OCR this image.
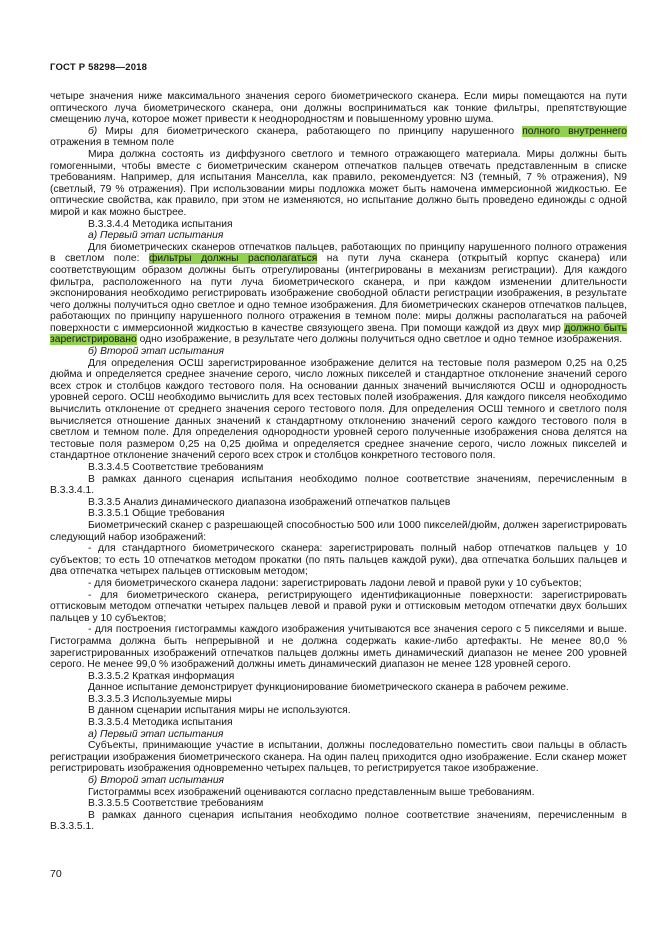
ГОСТ Р 58298—2018

четыре значения ниже максимального значения серого биометрического сканера. Если миры помещаются на пути оптического луча биометрического сканера, они должны восприниматься как тонкие фильтры, препятствующие смещению луча, которое может привести к неоднородностям и повышенному уровню шума.

б) Миры для биометрического сканера, работающего по принципу нарушенного полного внутреннего отражения в темном поле

Мира должна состоять из диффузного светлого и темного отражающего материала. Миры должны быть гомогенными, чтобы вместе с биометрическим сканером отпечатков пальцев отвечать представленным в списке требованиям. Например, для испытания Манселла, как правило, рекомендуется: N3 (темный, 7 % отражения), N9 (светлый, 79 % отражения). При использовании миры подложка может быть намочена иммерсионной жидкостью. Ее оптические свойства, как правило, при этом не изменяются, но испытание должно быть проведено единожды с одной мирой и как можно быстрее.

В.3.3.4.4 Методика испытания

а) Первый этап испытания

Для биометрических сканеров отпечатков пальцев, работающих по принципу нарушенного полного отражения в светлом поле: фильтры должны располагаться на пути луча сканера (открытый корпус сканера) или соответствующим образом должны быть отрегулированы (интегрированы в механизм регистрации). Для каждого фильтра, расположенного на пути луча биометрического сканера, и при каждом изменении длительности экспонирования необходимо регистрировать изображение свободной области регистрации изображения, в результате чего должны получиться одно светлое и одно темное изображения. Для биометрических сканеров отпечатков пальцев, работающих по принципу нарушенного полного отражения в темном поле: миры должны располагаться на рабочей поверхности с иммерсионной жидкостью в качестве связующего звена. При помощи каждой из двух мир должно быть зарегистрировано одно изображение, в результате чего должны получиться одно светлое и одно темное изображения.

б) Второй этап испытания

Для определения ОСШ зарегистрированное изображение делится на тестовые поля размером 0,25 на 0,25 дюйма и определяется среднее значение серого, число ложных пикселей и стандартное отклонение значений серого всех строк и столбцов каждого тестового поля. На основании данных значений вычисляются ОСШ и однородность уровней серого. ОСШ необходимо вычислить для всех тестовых полей изображения. Для каждого пикселя необходимо вычислить отклонение от среднего значения серого тестового поля. Для определения ОСШ темного и светлого поля вычисляется отношение данных значений к стандартному отклонению значений серого каждого тестового поля в светлом и темном поле. Для определения однородности уровней серого полученные изображения снова делятся на тестовые поля размером 0,25 на 0,25 дюйма и определяется среднее значение серого, число ложных пикселей и стандартное отклонение значений серого всех строк и столбцов конкретного тестового поля.

В.3.3.4.5 Соответствие требованиям

В рамках данного сценария испытания необходимо полное соответствие значениям, перечисленным в В.3.3.4.1.

В.3.3.5 Анализ динамического диапазона изображений отпечатков пальцев

В.3.3.5.1 Общие требования

Биометрический сканер с разрешающей способностью 500 или 1000 пикселей/дюйм, должен зарегистрировать следующий набор изображений:

- для стандартного биометрического сканера: зарегистрировать полный набор отпечатков пальцев у 10 субъектов; то есть 10 отпечатков методом прокатки (по пять пальцев каждой руки), два отпечатка больших пальцев и два отпечатка четырех пальцев оттисковым методом;

- для биометрического сканера ладони: зарегистрировать ладони левой и правой руки у 10 субъектов;

- для биометрического сканера, регистрирующего идентификационные поверхности: зарегистрировать оттисковым методом отпечатки четырех пальцев левой и правой руки и оттисковым методом отпечатки двух больших пальцев у 10 субъектов;

- для построения гистограммы каждого изображения учитываются все значения серого с 5 пикселями и выше. Гистограмма должна быть непрерывной и не должна содержать какие-либо артефакты. Не менее 80,0 % зарегистрированных изображений отпечатков пальцев должны иметь динамический диапазон не менее 200 уровней серого. Не менее 99,0 % изображений должны иметь динамический диапазон не менее 128 уровней серого.

В.3.3.5.2 Краткая информация

Данное испытание демонстрирует функционирование биометрического сканера в рабочем режиме.

В.3.3.5.3 Используемые миры

В данном сценарии испытания миры не используются.

В.3.3.5.4 Методика испытания

а) Первый этап испытания

Субъекты, принимающие участие в испытании, должны последовательно поместить свои пальцы в область регистрации изображения биометрического сканера. На один палец приходится одно изображение. Если сканер может регистрировать изображения одновременно четырех пальцев, то регистрируется такое изображение.

б) Второй этап испытания

Гистограммы всех изображений оцениваются согласно представленным выше требованиям.

В.3.3.5.5 Соответствие требованиям

В рамках данного сценария испытания необходимо полное соответствие значениям, перечисленным в В.3.3.5.1.

70
